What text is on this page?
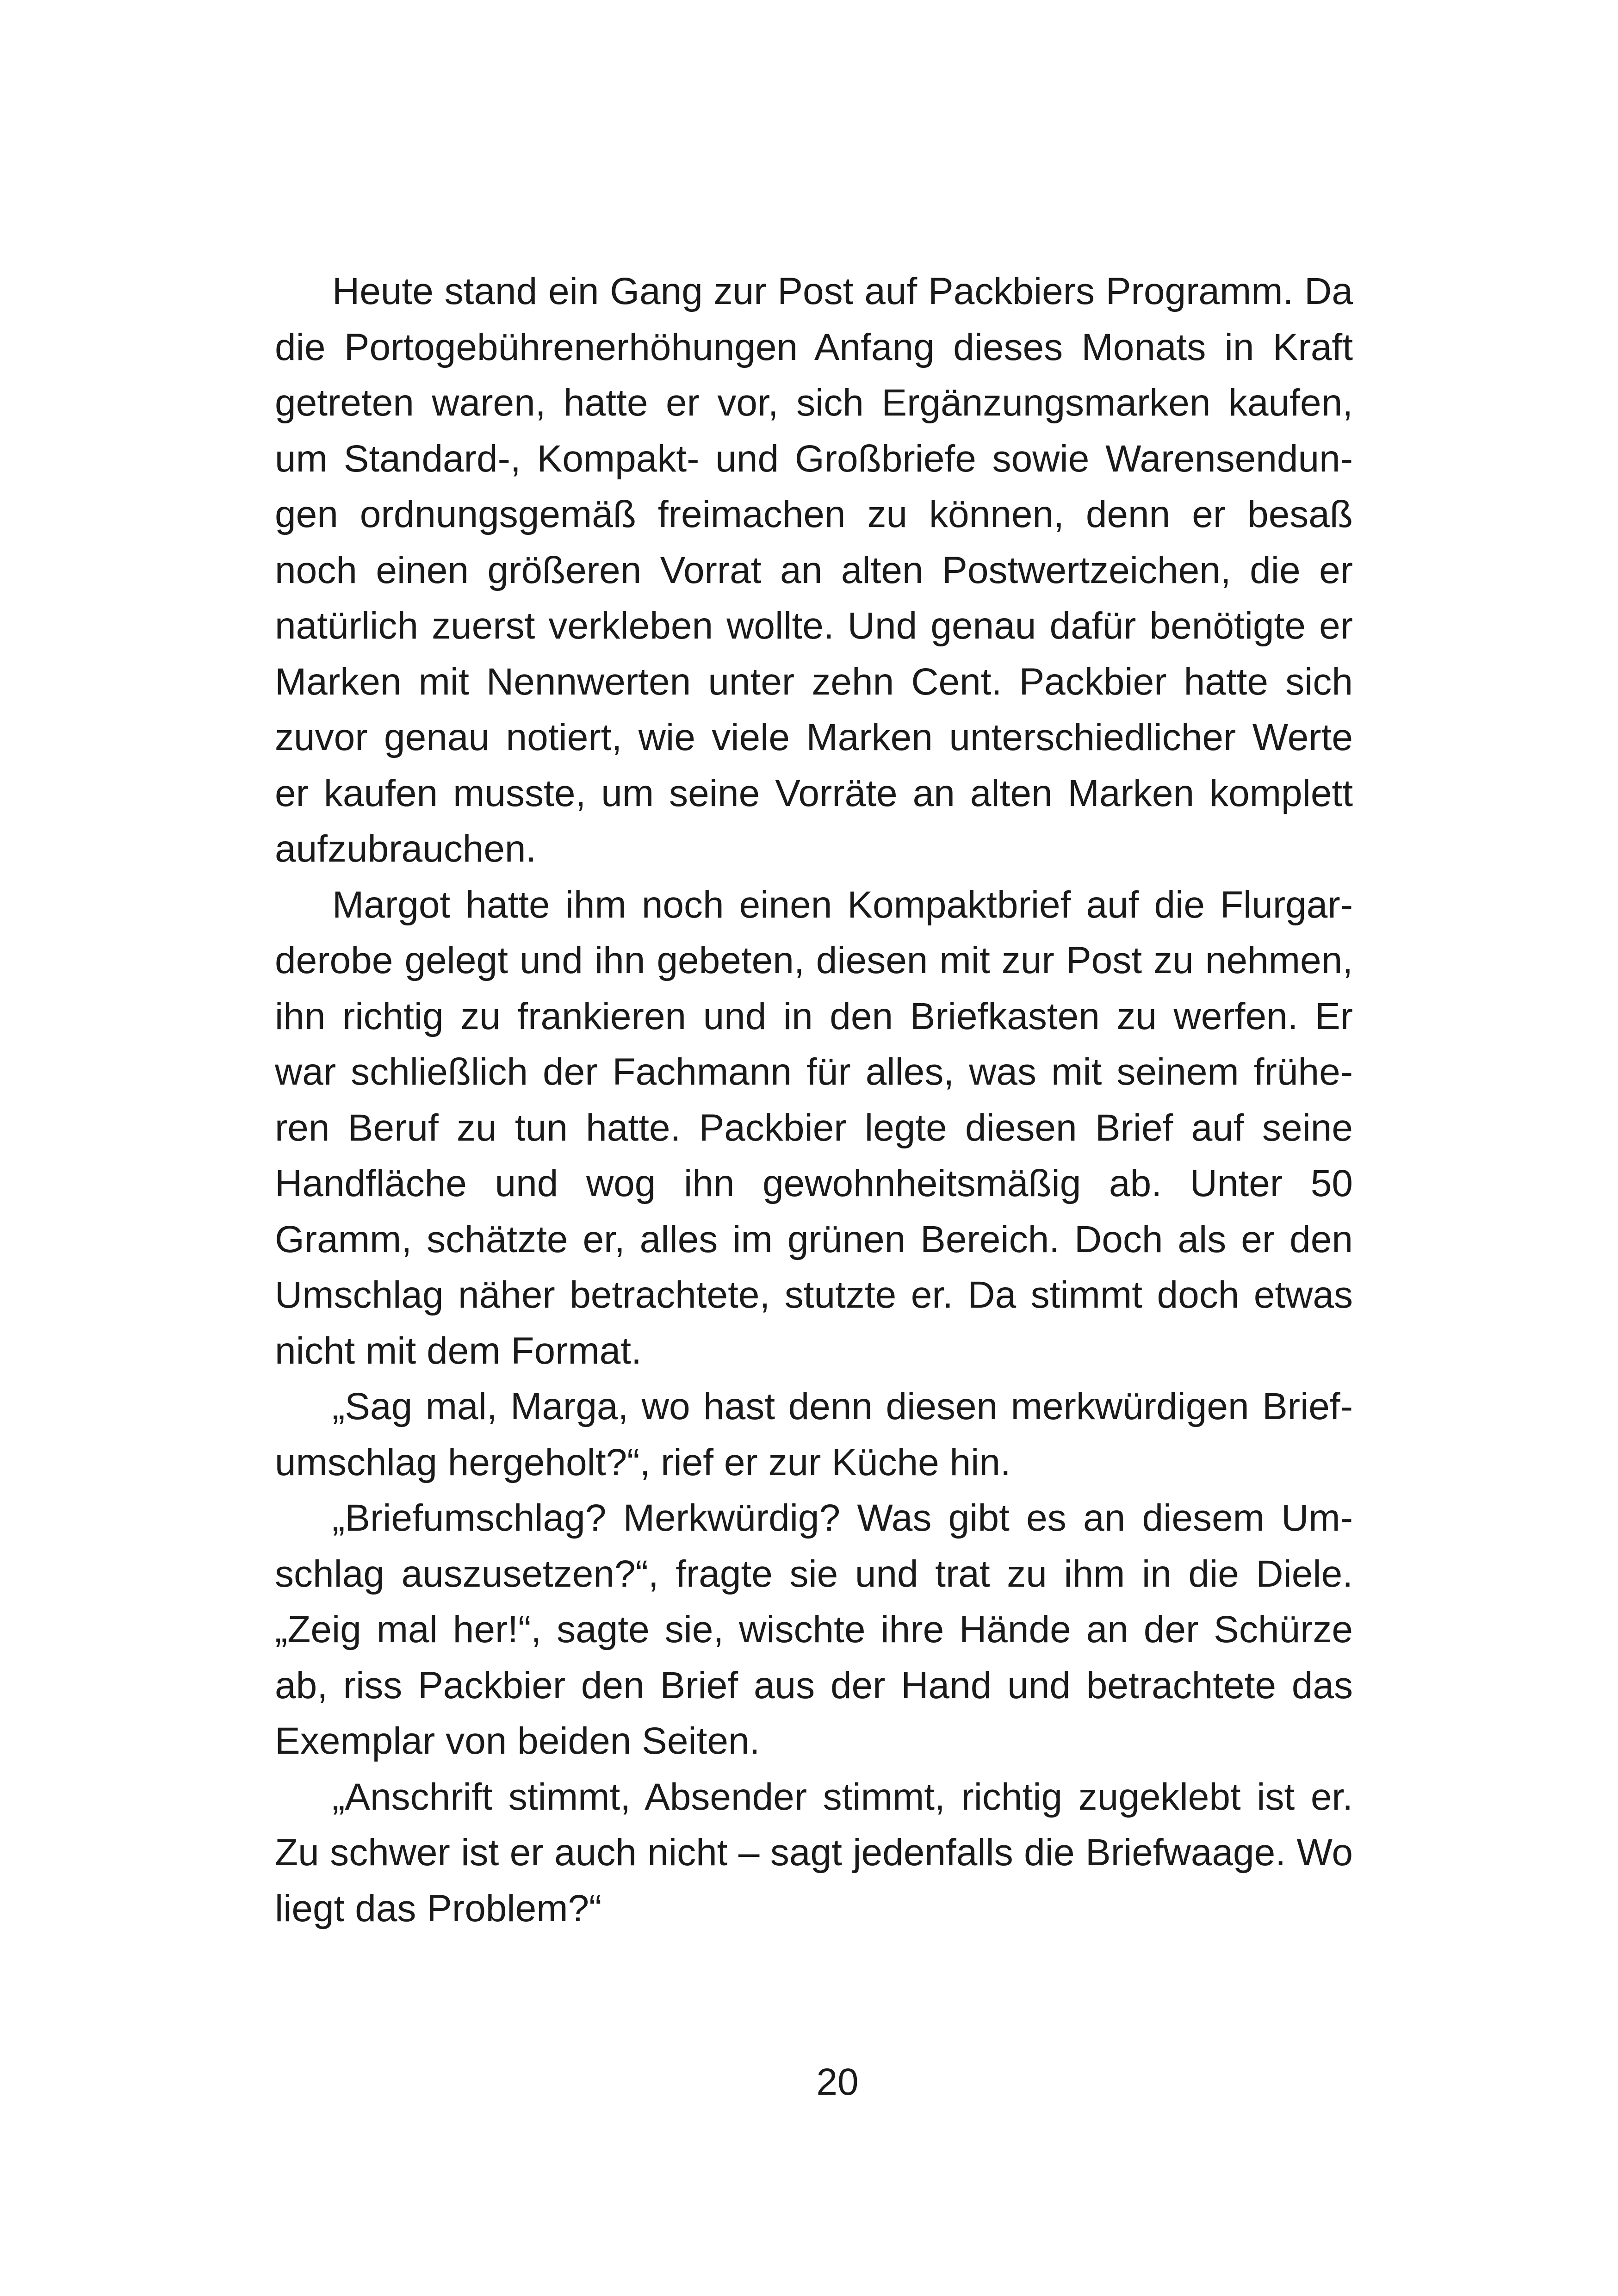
Heute stand ein Gang zur Post auf Packbiers Programm. Da die Portogebührenerhöhungen Anfang dieses Monats in Kraft getreten waren, hatte er vor, sich Ergänzungsmarken kaufen, um Standard-, Kompakt- und Großbriefe sowie Warensendungen ordnungsgemäß freimachen zu können, denn er besaß noch einen größeren Vorrat an alten Postwertzeichen, die er natürlich zuerst verkleben wollte. Und genau dafür benötigte er Marken mit Nennwerten unter zehn Cent. Packbier hatte sich zuvor genau notiert, wie viele Marken unterschiedlicher Werte er kaufen musste, um seine Vorräte an alten Marken komplett aufzubrauchen.

Margot hatte ihm noch einen Kompaktbrief auf die Flurgarderobe gelegt und ihn gebeten, diesen mit zur Post zu nehmen, ihn richtig zu frankieren und in den Briefkasten zu werfen. Er war schließlich der Fachmann für alles, was mit seinem früheren Beruf zu tun hatte. Packbier legte diesen Brief auf seine Handfläche und wog ihn gewohnheitsmäßig ab. Unter 50 Gramm, schätzte er, alles im grünen Bereich. Doch als er den Umschlag näher betrachtete, stutzte er. Da stimmt doch etwas nicht mit dem Format.

„Sag mal, Marga, wo hast denn diesen merkwürdigen Briefumschlag hergeholt?“, rief er zur Küche hin.

„Briefumschlag? Merkwürdig? Was gibt es an diesem Umschlag auszusetzen?“, fragte sie und trat zu ihm in die Diele. „Zeig mal her!“, sagte sie, wischte ihre Hände an der Schürze ab, riss Packbier den Brief aus der Hand und betrachtete das Exemplar von beiden Seiten.

„Anschrift stimmt, Absender stimmt, richtig zugeklebt ist er. Zu schwer ist er auch nicht – sagt jedenfalls die Briefwaage. Wo liegt das Problem?“

20
